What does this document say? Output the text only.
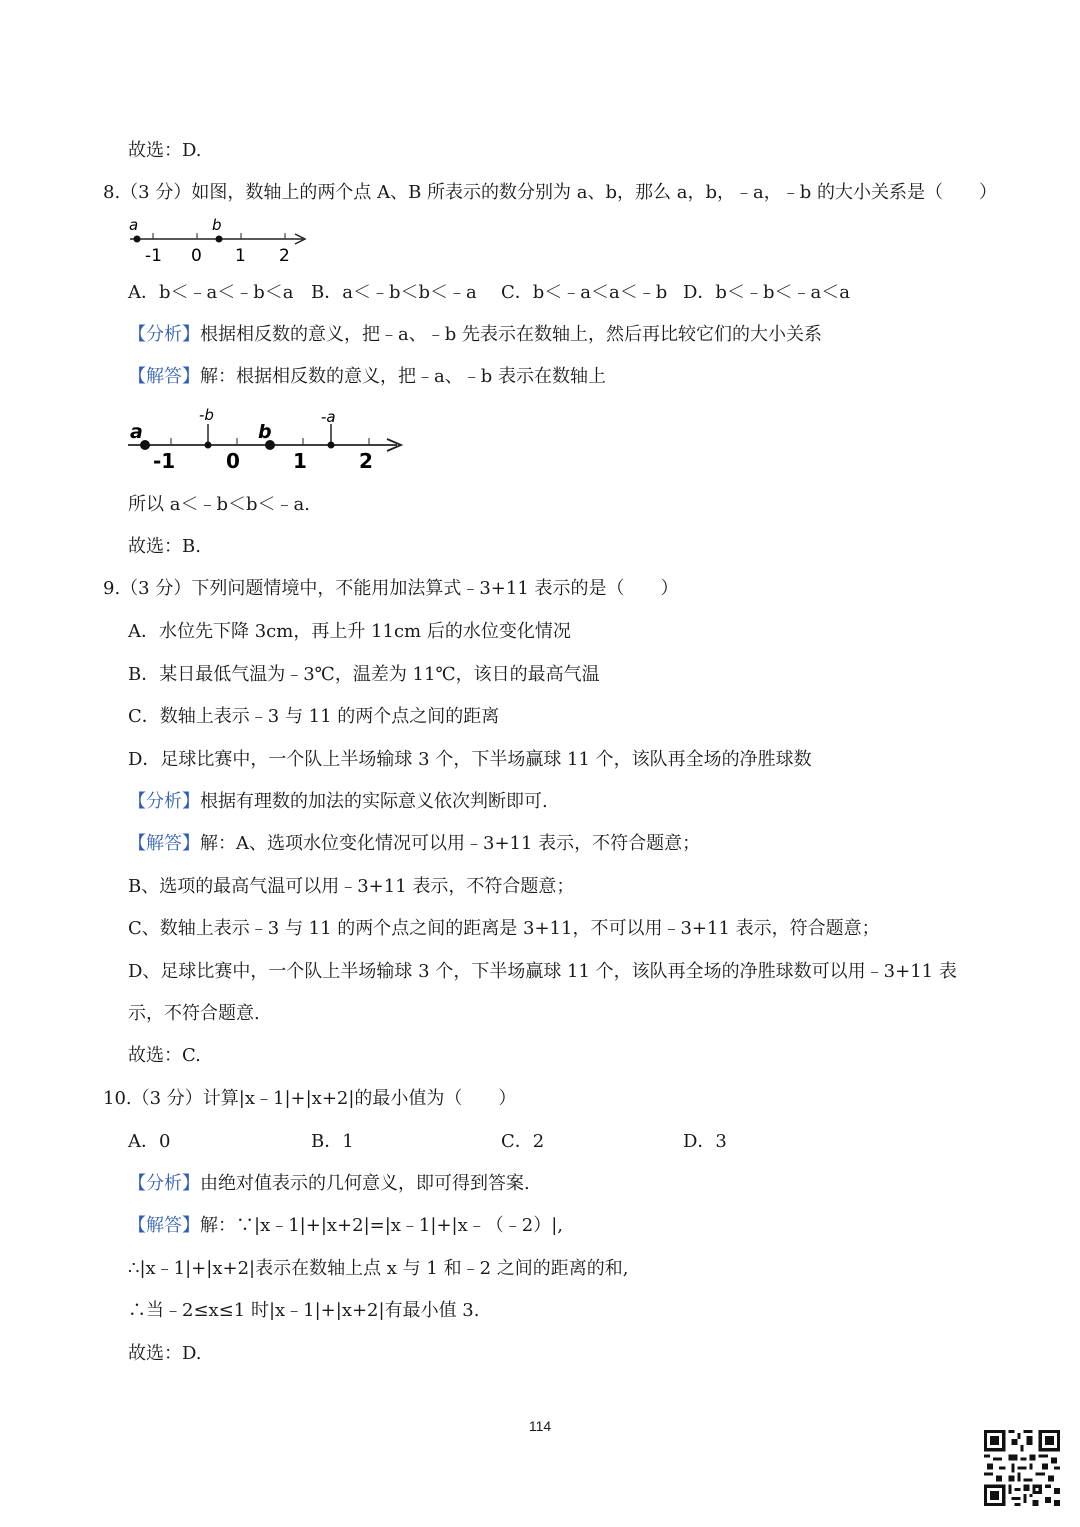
故选：D.
8.（3 分）如图，数轴上的两个点 A、B 所表示的数分别为 a、b，那么 a，b，﹣a，﹣b 的大小关系是（　　）
a	b
-1 0 1 2
A．b＜﹣a＜﹣b＜a B．a＜﹣b＜b＜﹣a C．b＜﹣a＜a＜﹣b D．b＜﹣b＜﹣a＜a
【分析】根据相反数的意义，把﹣a、﹣b 先表示在数轴上，然后再比较它们的大小关系
【解答】解：根据相反数的意义，把﹣a、﹣b 表示在数轴上
a
-b
b
-a
-1	0	1	2
所以 a＜﹣b＜b＜﹣a.
故选：B.
9.（3 分）下列问题情境中，不能用加法算式﹣3+11 表示的是（　　）
A．水位先下降 3cm，再上升 11cm 后的水位变化情况
B．某日最低气温为﹣3℃，温差为 11℃，该日的最高气温
C．数轴上表示﹣3 与 11 的两个点之间的距离
D．足球比赛中，一个队上半场输球 3 个，下半场赢球 11 个，该队再全场的净胜球数
【分析】根据有理数的加法的实际意义依次判断即可.
【解答】解：A、选项水位变化情况可以用﹣3+11 表示，不符合题意；
B、选项的最高气温可以用﹣3+11 表示，不符合题意；
C、数轴上表示﹣3 与 11 的两个点之间的距离是 3+11，不可以用﹣3+11 表示，符合题意；
D、足球比赛中，一个队上半场输球 3 个，下半场赢球 11 个，该队再全场的净胜球数可以用﹣3+11 表
示，不符合题意.
故选：C.
10.（3 分）计算|x﹣1|+|x+2|的最小值为（　　）
A．0	B．1	C．2	D．3
【分析】由绝对值表示的几何意义，即可得到答案.
【解答】解：∵|x﹣1|+|x+2|=|x﹣1|+|x﹣（﹣2）|,
∴|x﹣1|+|x+2|表示在数轴上点 x 与 1 和﹣2 之间的距离的和,
∴当﹣2≤x≤1 时|x﹣1|+|x+2|有最小值 3.
故选：D.
114
